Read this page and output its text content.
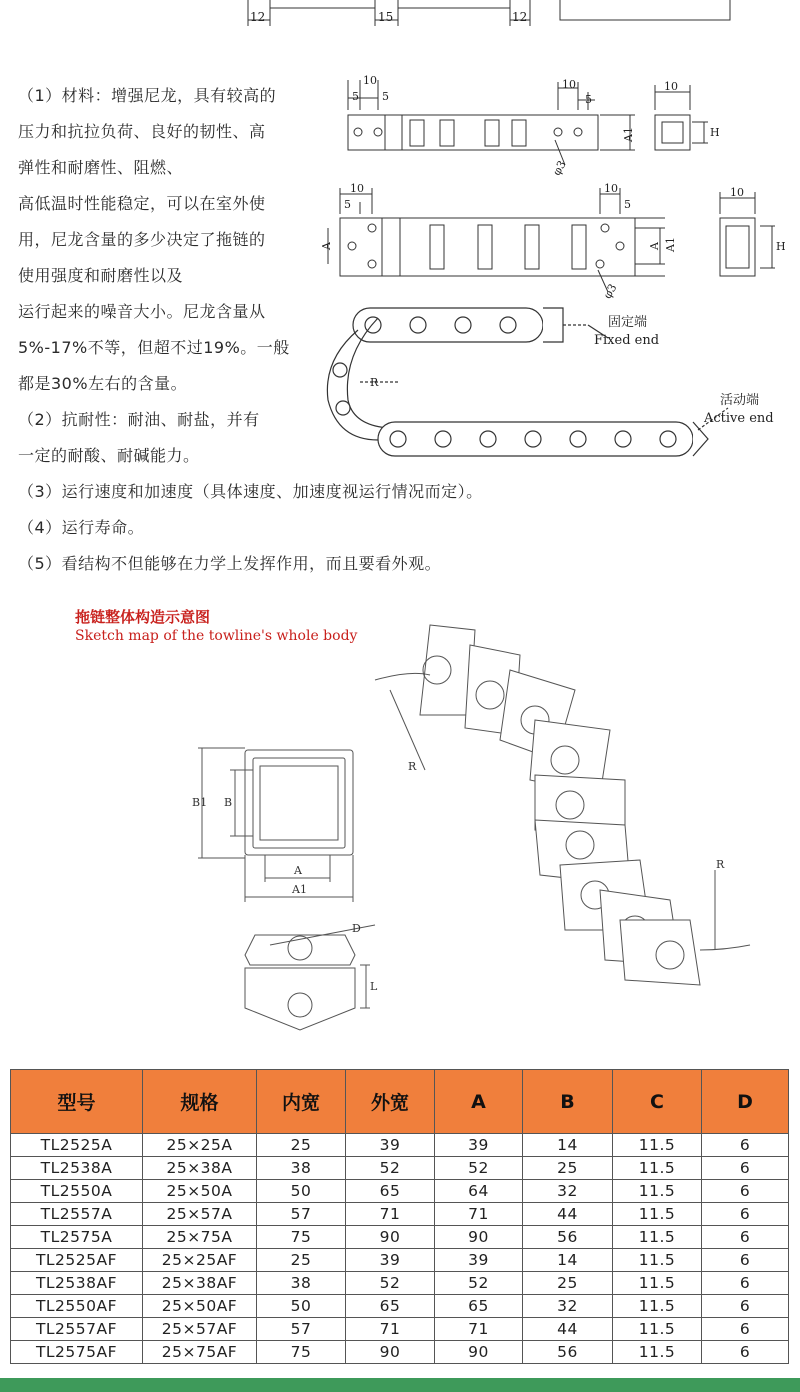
12	15	12
（1）材料：增强尼龙，具有较高的
压力和抗拉负荷、良好的韧性、高
弹性和耐磨性、阻燃、
高低温时性能稳定，可以在室外使
用，尼龙含量的多少决定了拖链的
使用强度和耐磨性以及
运行起来的噪音大小。尼龙含量从
5%-17%不等，但超不过19%。一般
都是30%左右的含量。
（2）抗耐性：耐油、耐盐，并有
一定的耐酸、耐碱能力。
（3）运行速度和加速度（具体速度、加速度视运行情况而定）。
（4）运行寿命。
（5）看结构不但能够在力学上发挥作用，而且要看外观。
10
5 5
10
5
A1
φ3
10
H
10
5
10
5
A	A A1
φ3
10
H
固定端
Fixed end
R
活动端
Active end
拖链整体构造示意图
Sketch map of the towline's whole body
B1 B
A
A1
D
L
R
R
型号	规格	内宽	外宽	A	B	C	D
TL2525A	25×25A	25	39	39	14	11.5	6
TL2538A	25×38A	38	52	52	25	11.5	6
TL2550A	25×50A	50	65	64	32	11.5	6
TL2557A	25×57A	57	71	71	44	11.5	6
TL2575A	25×75A	75	90	90	56	11.5	6
TL2525AF	25×25AF	25	39	39	14	11.5	6
TL2538AF	25×38AF	38	52	52	25	11.5	6
TL2550AF	25×50AF	50	65	65	32	11.5	6
TL2557AF	25×57AF	57	71	71	44	11.5	6
TL2575AF	25×75AF	75	90	90	56	11.5	6
